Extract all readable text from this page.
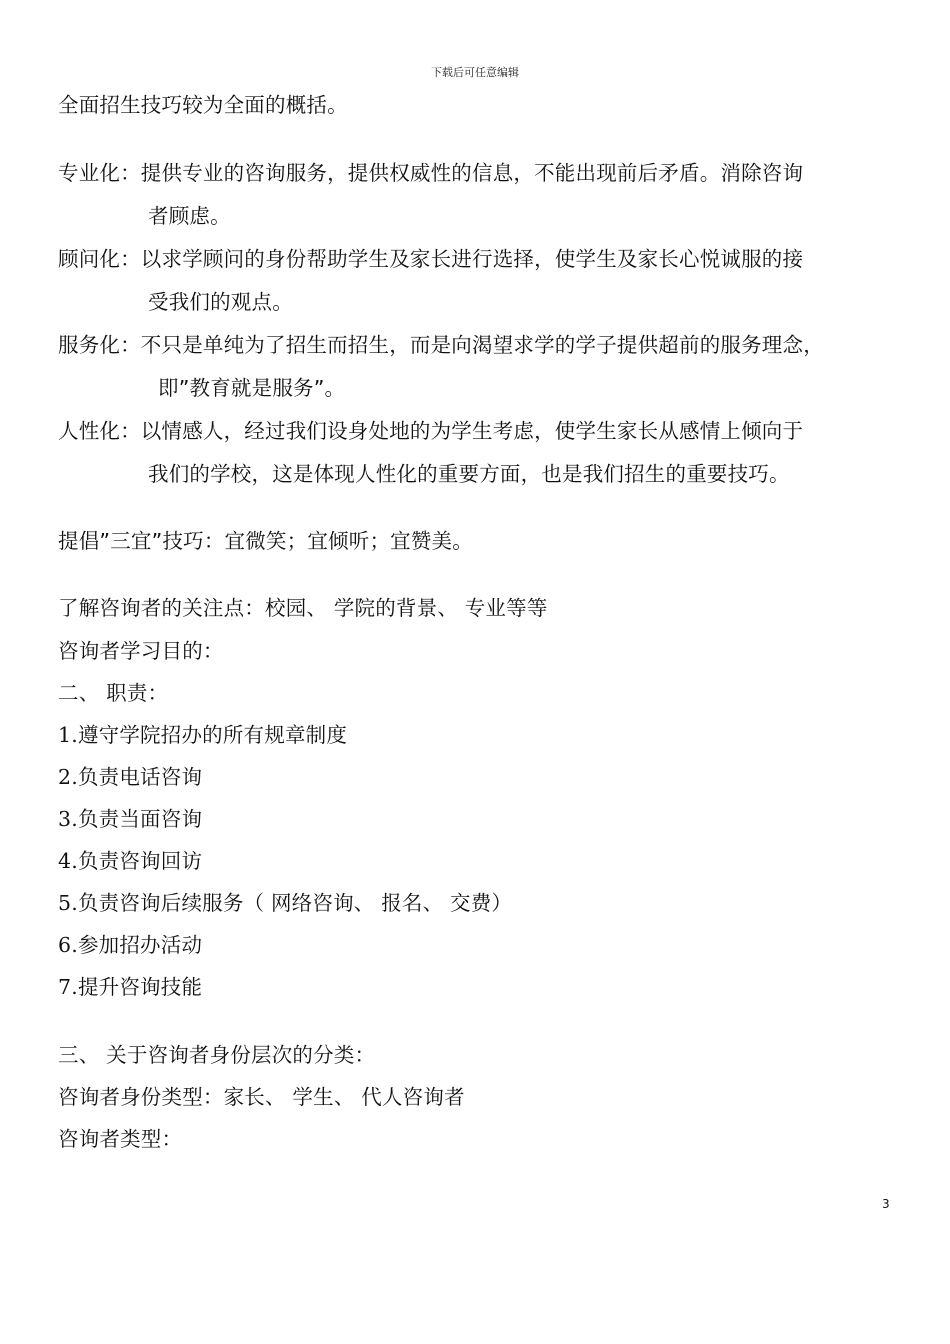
下载后可任意编辑
全面招生技巧较为全面的概括。
专业化：提供专业的咨询服务，提供权威性的信息，不能出现前后矛盾。消除咨询
者顾虑。
顾问化：以求学顾问的身份帮助学生及家长进行选择，使学生及家长心悦诚服的接
受我们的观点。
服务化：不只是单纯为了招生而招生，而是向渴望求学的学子提供超前的服务理念，
即”教育就是服务”。
人性化：以情感人，经过我们设身处地的为学生考虑，使学生家长从感情上倾向于
我们的学校，这是体现人性化的重要方面，也是我们招生的重要技巧。
提倡”三宜”技巧：宜微笑；宜倾听；宜赞美。
了解咨询者的关注点：校园、 学院的背景、 专业等等
咨询者学习目的：
二、 职责：
1.遵守学院招办的所有规章制度
2.负责电话咨询
3.负责当面咨询
4.负责咨询回访
5.负责咨询后续服务（ 网络咨询、 报名、 交费）
6.参加招办活动
7.提升咨询技能
三、 关于咨询者身份层次的分类：
咨询者身份类型：家长、 学生、 代人咨询者
咨询者类型：
3
